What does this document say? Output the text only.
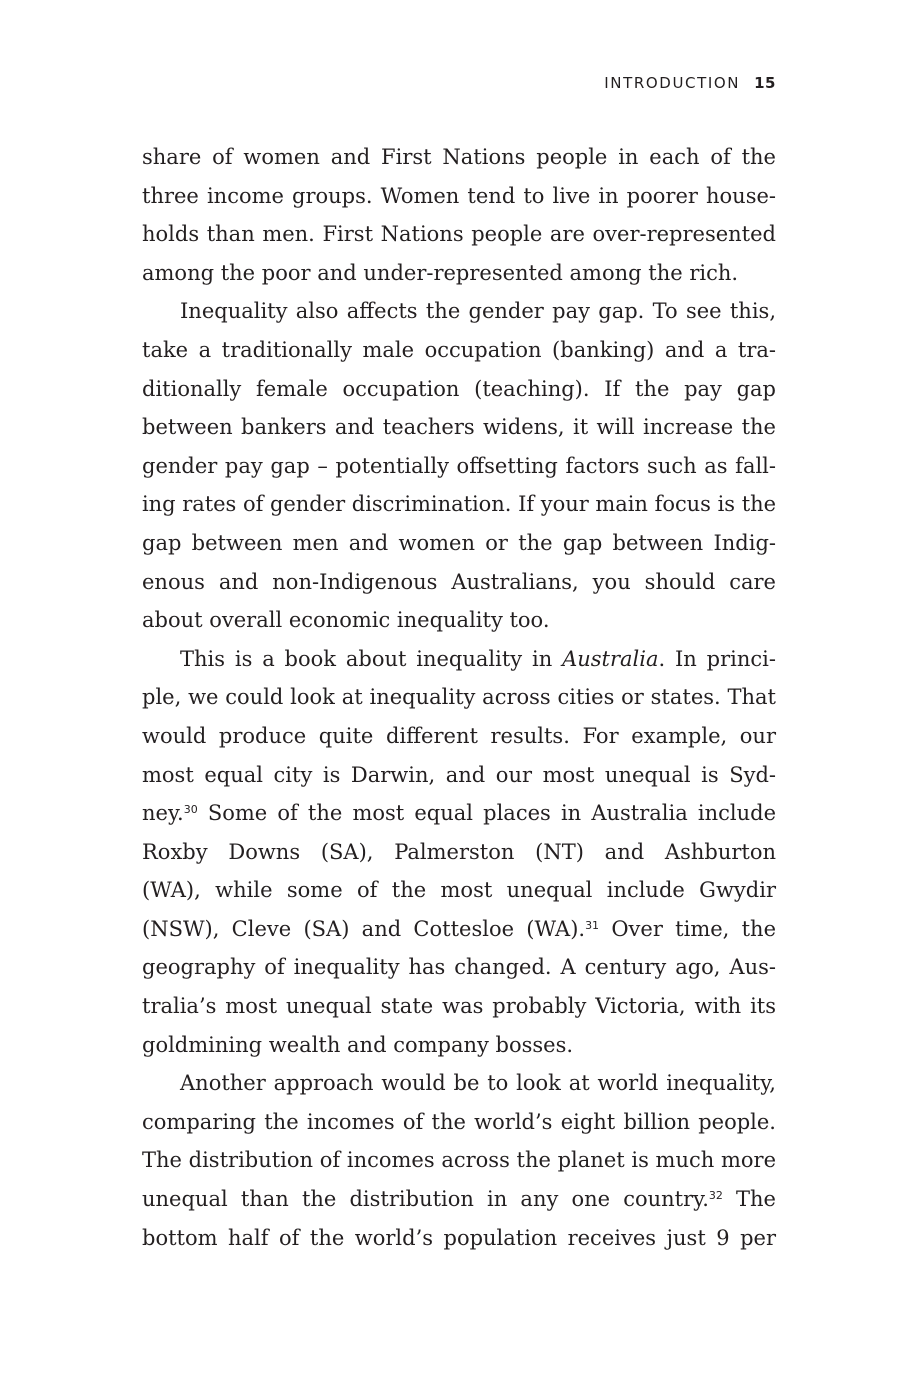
INTRODUCTION 15

share of women and First Nations people in each of the
three income groups. Women tend to live in poorer house-
holds than men. First Nations people are over-represented
among the poor and under-represented among the rich.

Inequality also affects the gender pay gap. To see this,
take a traditionally male occupation (banking) and a tra-
ditionally female occupation (teaching). If the pay gap
between bankers and teachers widens, it will increase the
gender pay gap – potentially offsetting factors such as fall-
ing rates of gender discrimination. If your main focus is the
gap between men and women or the gap between Indig-
enous and non-Indigenous Australians, you should care
about overall economic inequality too.

This is a book about inequality in Australia. In princi-
ple, we could look at inequality across cities or states. That
would produce quite different results. For example, our
most equal city is Darwin, and our most unequal is Syd-
ney.$^{30}$ Some of the most equal places in Australia include
Roxby Downs (SA), Palmerston (NT) and Ashburton
(WA), while some of the most unequal include Gwydir
(NSW), Cleve (SA) and Cottesloe (WA).$^{31}$ Over time, the
geography of inequality has changed. A century ago, Aus-
tralia’s most unequal state was probably Victoria, with its
goldmining wealth and company bosses.

Another approach would be to look at world inequality,
comparing the incomes of the world’s eight billion people.
The distribution of incomes across the planet is much more
unequal than the distribution in any one country.$^{32}$ The
bottom half of the world’s population receives just 9 per
